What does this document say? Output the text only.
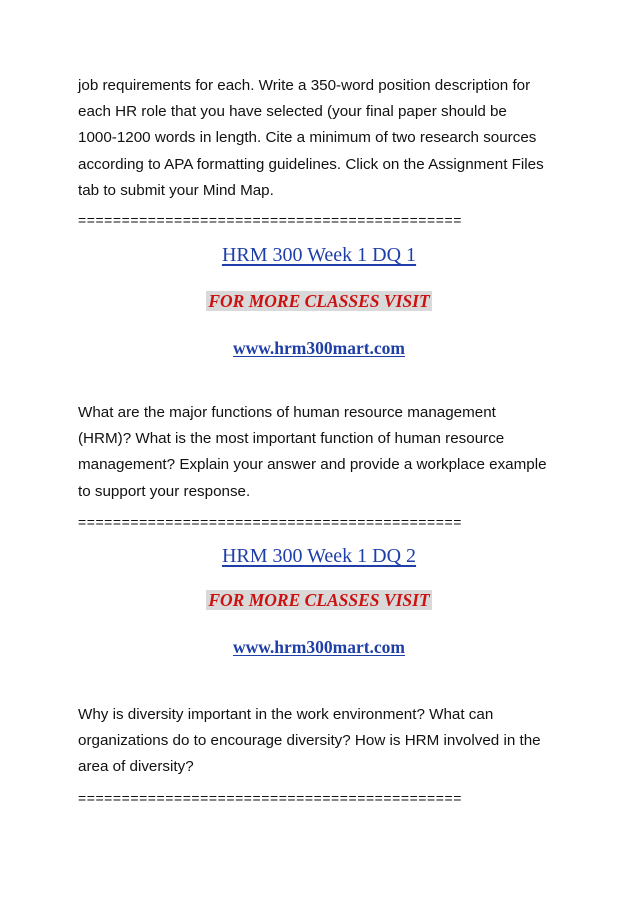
job requirements for each. Write a 350-word position description for
each HR role that you have selected (your final paper should be
1000-1200 words in length. Cite a minimum of two research sources
according to APA formatting guidelines. Click on the Assignment Files
tab to submit your Mind Map.
============================================
HRM 300 Week 1 DQ 1
FOR MORE CLASSES VISIT
www.hrm300mart.com
What are the major functions of human resource management
(HRM)? What is the most important function of human resource
management? Explain your answer and provide a workplace example
to support your response.
============================================
HRM 300 Week 1 DQ 2
FOR MORE CLASSES VISIT
www.hrm300mart.com
Why is diversity important in the work environment? What can
organizations do to encourage diversity? How is HRM involved in the
area of diversity?
============================================
